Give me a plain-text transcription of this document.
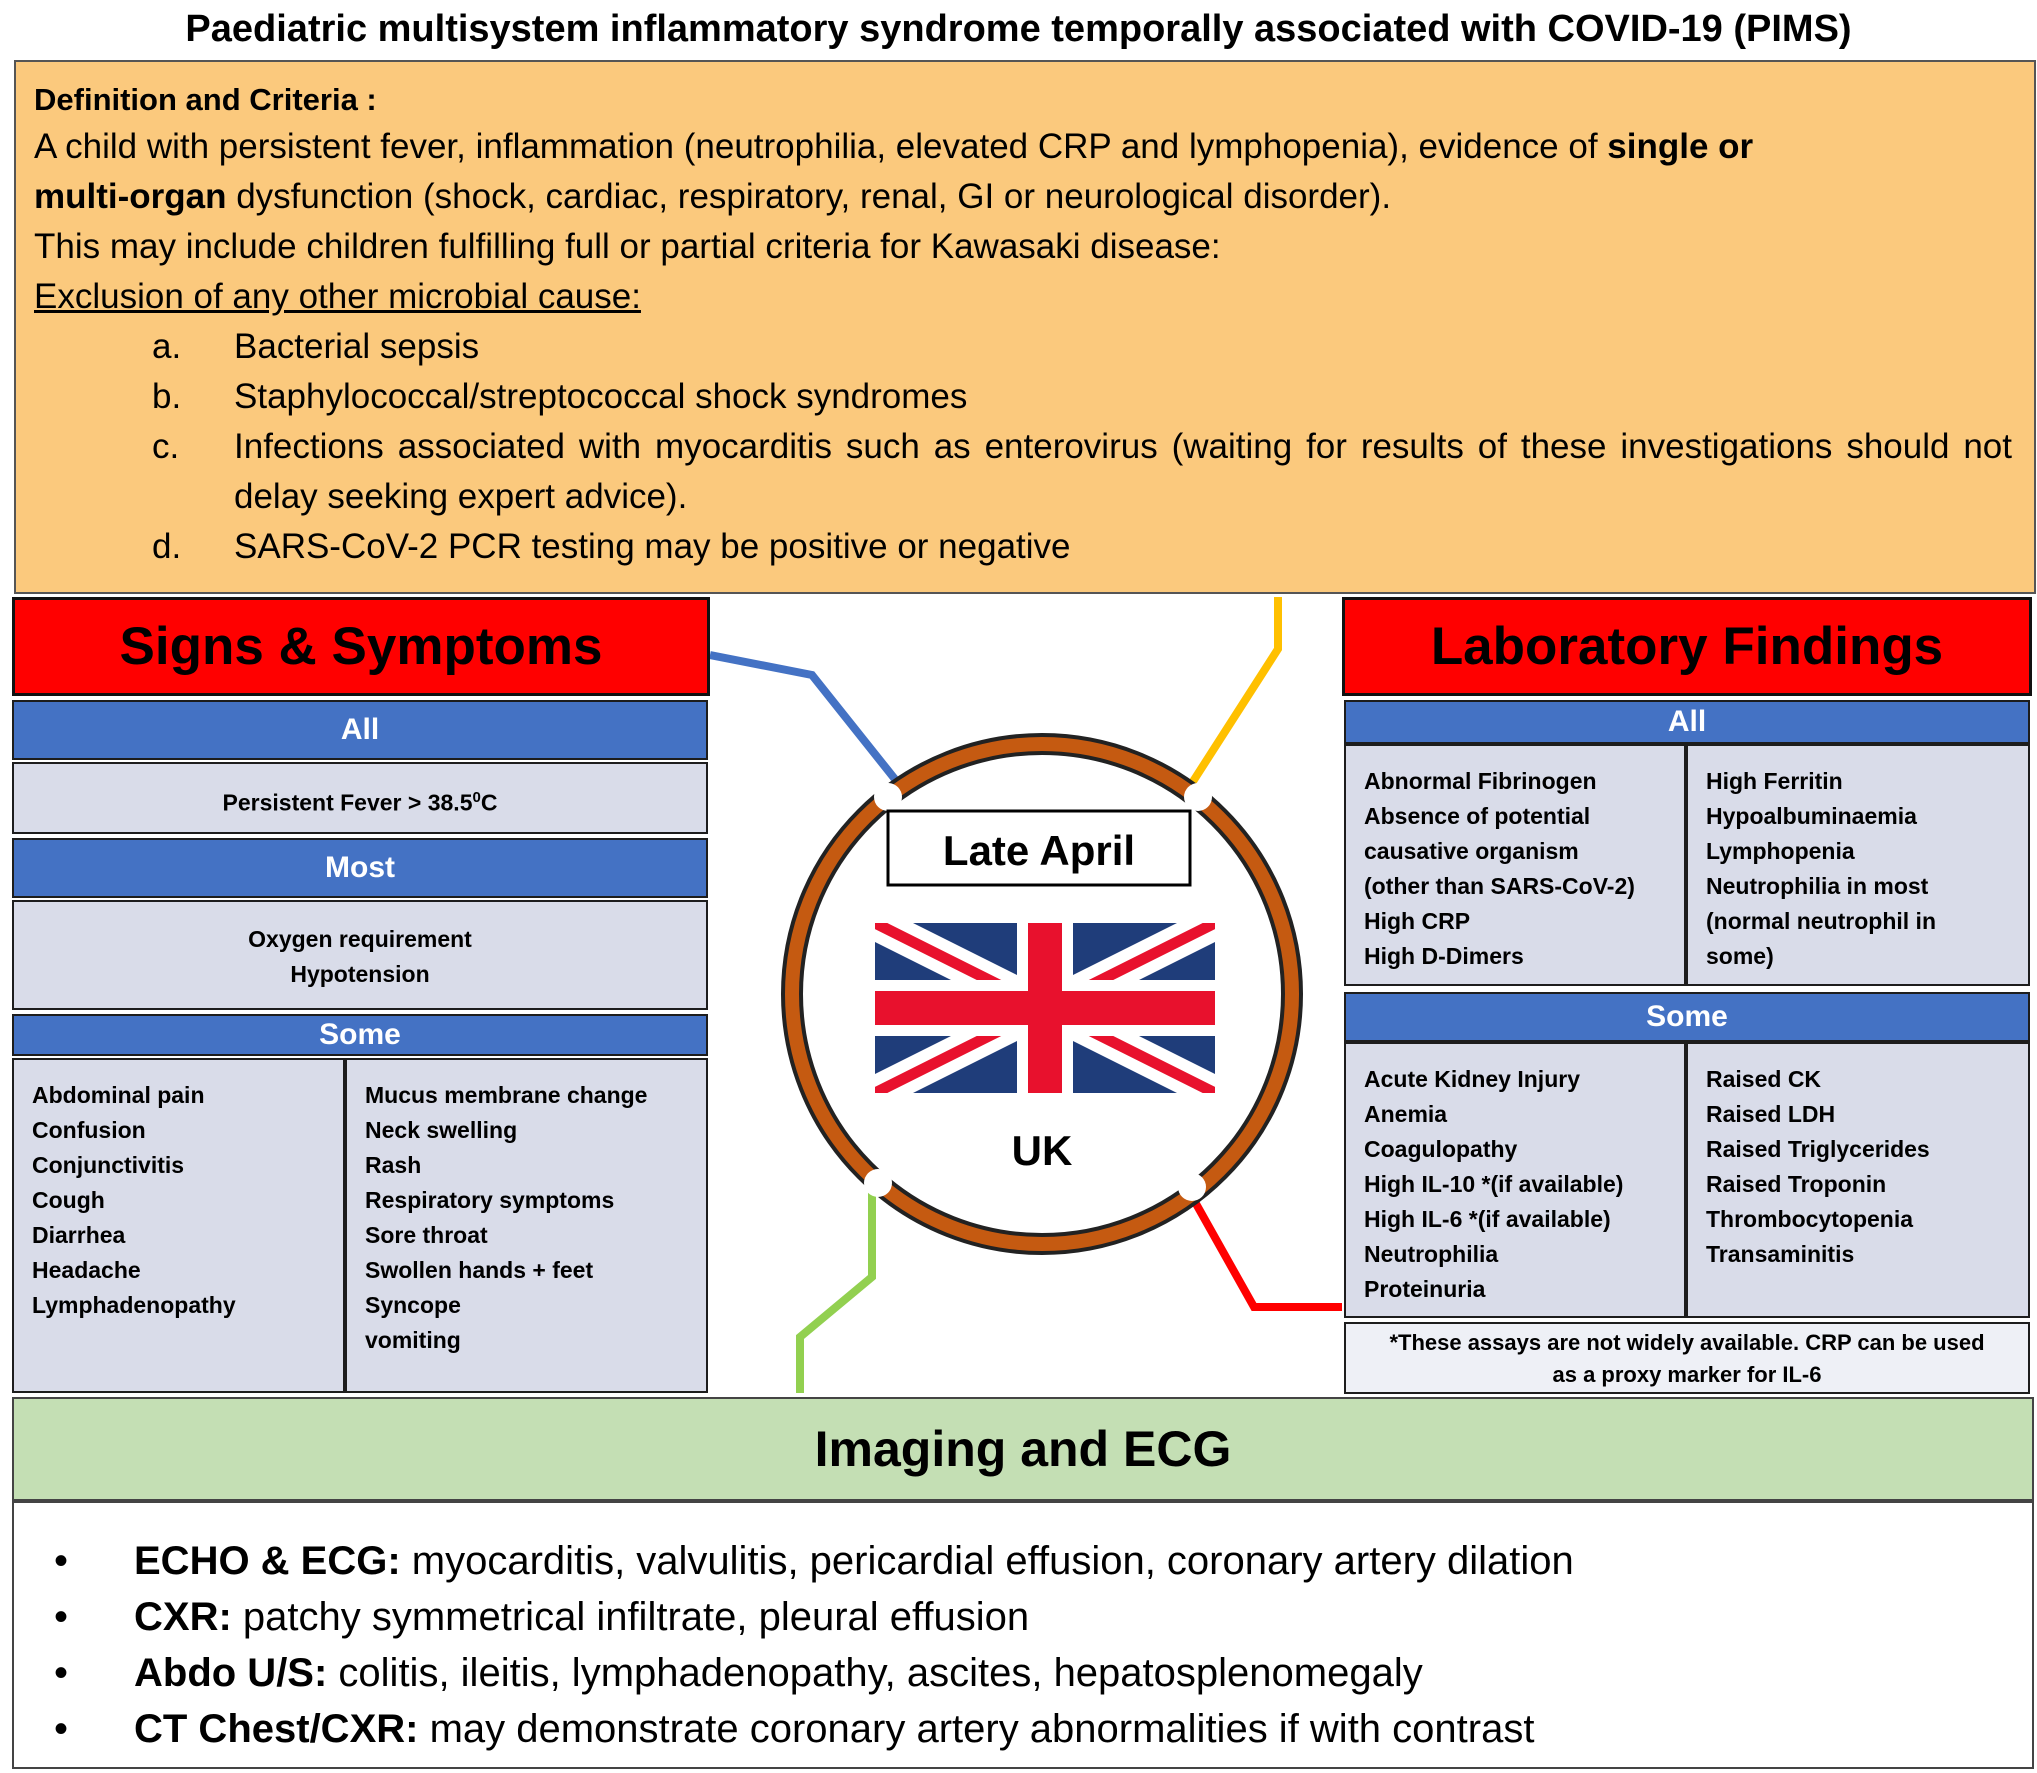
Paediatric multisystem inflammatory syndrome temporally associated with COVID-19 (PIMS)

Definition and Criteria :

A child with persistent fever, inflammation (neutrophilia, elevated CRP and lymphopenia), evidence of single or
multi-organ dysfunction (shock, cardiac, respiratory, renal, GI or neurological disorder).

This may include children fulfilling full or partial criteria for Kawasaki disease:

Exclusion of any other microbial cause:

a.	Bacterial sepsis
b.	Staphylococcal/streptococcal shock syndromes
c.	Infections associated with myocarditis such as enterovirus (waiting for results of these investigations should not delay seeking expert advice).
d.	SARS-CoV-2 PCR testing may be positive or negative
Signs & Symptoms
All
Persistent Fever > $38.5^0C$
Most
Oxygen requirement
Hypotension
Some
Abdominal pain
Confusion
Conjunctivitis
Cough
Diarrhea
Headache
Lymphadenopathy
Mucus membrane change
Neck swelling
Rash
Respiratory symptoms
Sore throat
Swollen hands + feet
Syncope
vomiting
Late April
UK
Laboratory Findings
All
Abnormal Fibrinogen
Absence of potential
causative organism
(other than SARS-CoV-2)
High CRP
High D-Dimers
High Ferritin
Hypoalbuminaemia
Lymphopenia
Neutrophilia in most
(normal neutrophil in
some)
Some
Acute Kidney Injury
Anemia
Coagulopathy
High IL-10 *(if available)
High IL-6 *(if available)
Neutrophilia
Proteinuria
Raised CK
Raised LDH
Raised Triglycerides
Raised Troponin
Thrombocytopenia
Transaminitis
*These assays are not widely available. CRP can be used
as a proxy marker for IL-6
Imaging and ECG
•	ECHO & ECG: myocarditis, valvulitis, pericardial effusion, coronary artery dilation
•	CXR: patchy symmetrical infiltrate, pleural effusion
•	Abdo U/S: colitis, ileitis, lymphadenopathy, ascites, hepatosplenomegaly
•	CT Chest/CXR: may demonstrate coronary artery abnormalities if with contrast
